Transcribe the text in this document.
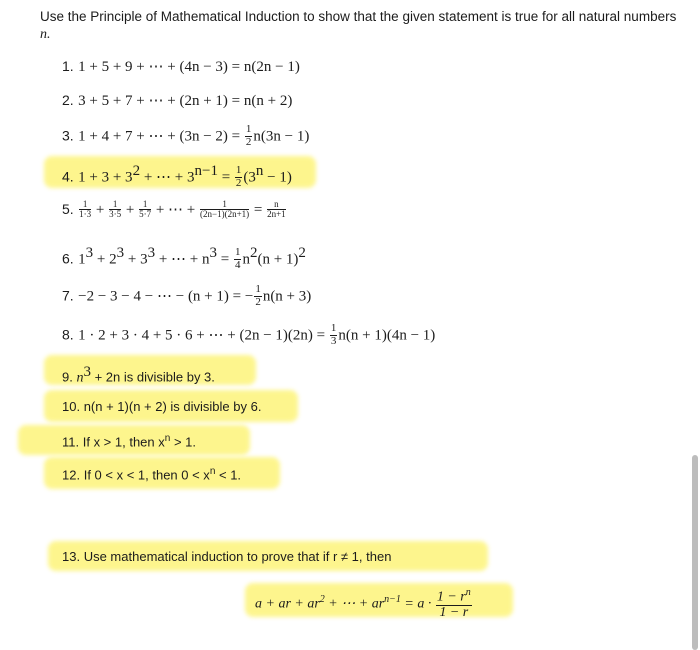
Use the Principle of Mathematical Induction to show that the given statement is true for all natural numbers
n.
1. 1 + 5 + 9 + ⋯ + (4n − 3) = n(2n − 1)
2. 3 + 5 + 7 + ⋯ + (2n + 1) = n(n + 2)
3. 1 + 4 + 7 + ⋯ + $(3n - 2) = \frac{1}{2} n(3n - 1)$
4. $1 + 3 + 3^2$ + ⋯ + $3^{n-1} = \frac{1}{2} (3^n - 1)$
5. $\frac{1}{1\cdot 3} + \frac{1}{3\cdot 5} + \frac{1}{5\cdot 7}$ + ⋯ + $\frac{1}{(2n-1)(2n+1)} = \frac{n}{2n+1}$
6. $1^3 + 2^3 + 3^3$ + ⋯ + $n^3 = \frac{1}{4} n^2(n + 1)^2$
7. −2 − 3 − 4 − ⋯ − (n + 1) = − $\frac{1}{2} n(n + 3)$
8. 1 · 2 + 3 · 4 + 5 · 6 + ⋯ + $(2n - 1)(2n) = \frac{1}{3} n(n + 1)(4n - 1)$
9. $n^3 + 2n$ is divisible by 3.
10. n(n + 1)(n + 2) is divisible by 6.
11. If x > 1, then $x^n > 1$.
12. If 0 < x < 1, then $0 < x^n < 1$.
13. Use mathematical induction to prove that if r ≠ 1, then
a + ar + $ar^2$ + ⋯ + $ar^{n-1} = a \cdot \frac{1 - r^n}{1 - r}$
